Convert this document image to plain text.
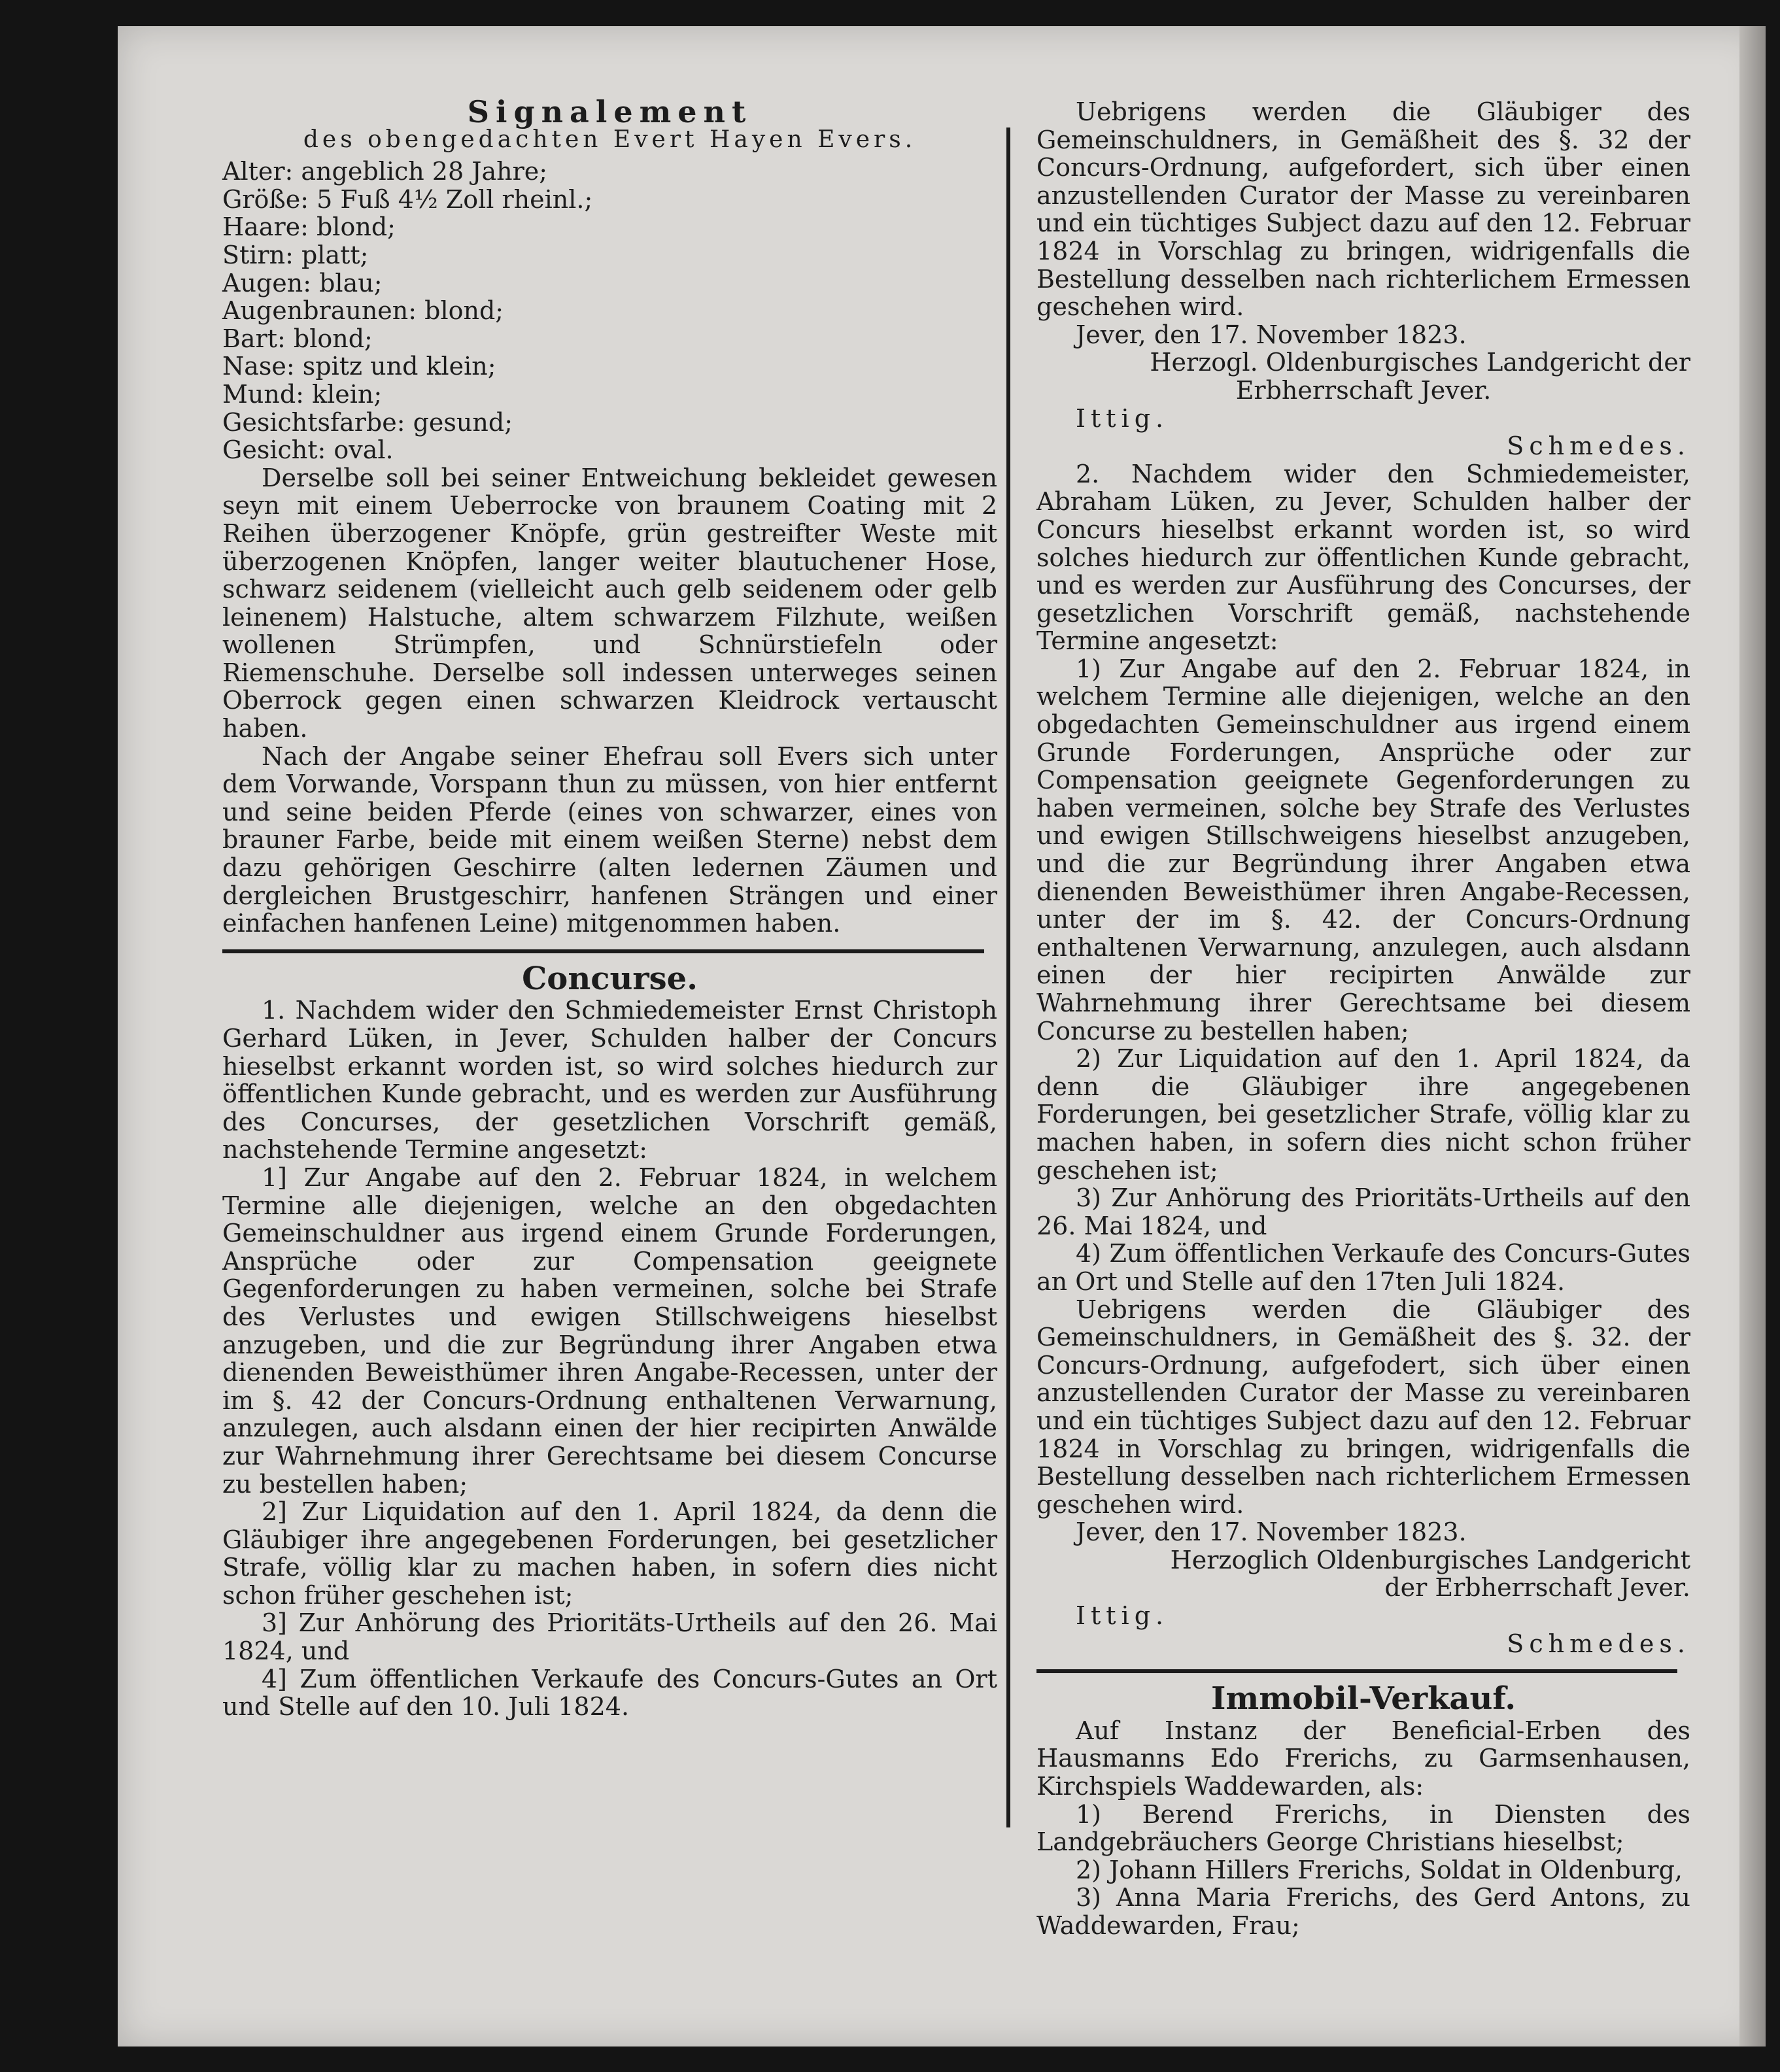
Signalement

des obengedachten Evert Hayen Evers.

Alter: angeblich 28 Jahre;

Größe: 5 Fuß 4½ Zoll rheinl.;

Haare: blond;

Stirn: platt;

Augen: blau;

Augenbraunen: blond;

Bart: blond;

Nase: spitz und klein;

Mund: klein;

Gesichtsfarbe: gesund;

Gesicht: oval.

Derselbe soll bei seiner Entweichung bekleidet gewesen seyn mit einem Ueberrocke von braunem Coating mit 2 Reihen überzogener Knöpfe, grün gestreifter Weste mit überzogenen Knöpfen, langer weiter blautuchener Hose, schwarz seidenem (vielleicht auch gelb seidenem oder gelb leinenem) Halstuche, altem schwarzem Filzhute, weißen wollenen Strümpfen, und Schnürstiefeln oder Riemenschuhe. Derselbe soll indessen unterweges seinen Oberrock gegen einen schwarzen Kleidrock vertauscht haben.

Nach der Angabe seiner Ehefrau soll Evers sich unter dem Vorwande, Vorspann thun zu müssen, von hier entfernt und seine beiden Pferde (eines von schwarzer, eines von brauner Farbe, beide mit einem weißen Sterne) nebst dem dazu gehörigen Geschirre (alten ledernen Zäumen und dergleichen Brustgeschirr, hanfenen Strängen und einer einfachen hanfenen Leine) mitgenommen haben.

Concurse.

1. Nachdem wider den Schmiedemeister Ernst Christoph Gerhard Lüken, in Jever, Schulden halber der Concurs hieselbst erkannt worden ist, so wird solches hiedurch zur öffentlichen Kunde gebracht, und es werden zur Ausführung des Concurses, der gesetzlichen Vorschrift gemäß, nachstehende Termine angesetzt:

1] Zur Angabe auf den 2. Februar 1824, in welchem Termine alle diejenigen, welche an den obgedachten Gemeinschuldner aus irgend einem Grunde Forderungen, Ansprüche oder zur Compensation geeignete Gegenforderungen zu haben vermeinen, solche bei Strafe des Verlustes und ewigen Stillschweigens hieselbst anzugeben, und die zur Begründung ihrer Angaben etwa dienenden Beweisthümer ihren Angabe-Recessen, unter der im §. 42 der Concurs-Ordnung enthaltenen Verwarnung, anzulegen, auch alsdann einen der hier recipirten Anwälde zur Wahrnehmung ihrer Gerechtsame bei diesem Concurse zu bestellen haben;

2] Zur Liquidation auf den 1. April 1824, da denn die Gläubiger ihre angegebenen Forderungen, bei gesetzlicher Strafe, völlig klar zu machen haben, in sofern dies nicht schon früher geschehen ist;

3] Zur Anhörung des Prioritäts-Urtheils auf den 26. Mai 1824, und

4] Zum öffentlichen Verkaufe des Concurs-Gutes an Ort und Stelle auf den 10. Juli 1824.

Uebrigens werden die Gläubiger des Gemeinschuldners, in Gemäßheit des §. 32 der Concurs-Ordnung, aufgefordert, sich über einen anzustellenden Curator der Masse zu vereinbaren und ein tüchtiges Subject dazu auf den 12. Februar 1824 in Vorschlag zu bringen, widrigenfalls die Bestellung desselben nach richterlichem Ermessen geschehen wird.

Jever, den 17. November 1823.

Herzogl. Oldenburgisches Landgericht der

Erbherrschaft Jever.

Ittig.

Schmedes.

2. Nachdem wider den Schmiedemeister, Abraham Lüken, zu Jever, Schulden halber der Concurs hieselbst erkannt worden ist, so wird solches hiedurch zur öffentlichen Kunde gebracht, und es werden zur Ausführung des Concurses, der gesetzlichen Vorschrift gemäß, nachstehende Termine angesetzt:

1) Zur Angabe auf den 2. Februar 1824, in welchem Termine alle diejenigen, welche an den obgedachten Gemeinschuldner aus irgend einem Grunde Forderungen, Ansprüche oder zur Compensation geeignete Gegenforderungen zu haben vermeinen, solche bey Strafe des Verlustes und ewigen Stillschweigens hieselbst anzugeben, und die zur Begründung ihrer Angaben etwa dienenden Beweisthümer ihren Angabe-Recessen, unter der im §. 42. der Concurs-Ordnung enthaltenen Verwarnung, anzulegen, auch alsdann einen der hier recipirten Anwälde zur Wahrnehmung ihrer Gerechtsame bei diesem Concurse zu bestellen haben;

2) Zur Liquidation auf den 1. April 1824, da denn die Gläubiger ihre angegebenen Forderungen, bei gesetzlicher Strafe, völlig klar zu machen haben, in sofern dies nicht schon früher geschehen ist;

3) Zur Anhörung des Prioritäts-Urtheils auf den 26. Mai 1824, und

4) Zum öffentlichen Verkaufe des Concurs-Gutes an Ort und Stelle auf den 17ten Juli 1824.

Uebrigens werden die Gläubiger des Gemeinschuldners, in Gemäßheit des §. 32. der Concurs-Ordnung, aufgefodert, sich über einen anzustellenden Curator der Masse zu vereinbaren und ein tüchtiges Subject dazu auf den 12. Februar 1824 in Vorschlag zu bringen, widrigenfalls die Bestellung desselben nach richterlichem Ermessen geschehen wird.

Jever, den 17. November 1823.

Herzoglich Oldenburgisches Landgericht

der Erbherrschaft Jever.

Ittig.

Schmedes.

Immobil-Verkauf.

Auf Instanz der Beneficial-Erben des Hausmanns Edo Frerichs, zu Garmsenhausen, Kirchspiels Waddewarden, als:

1) Berend Frerichs, in Diensten des Landgebräuchers George Christians hieselbst;

2) Johann Hillers Frerichs, Soldat in Oldenburg,

3) Anna Maria Frerichs, des Gerd Antons, zu Waddewarden, Frau;
